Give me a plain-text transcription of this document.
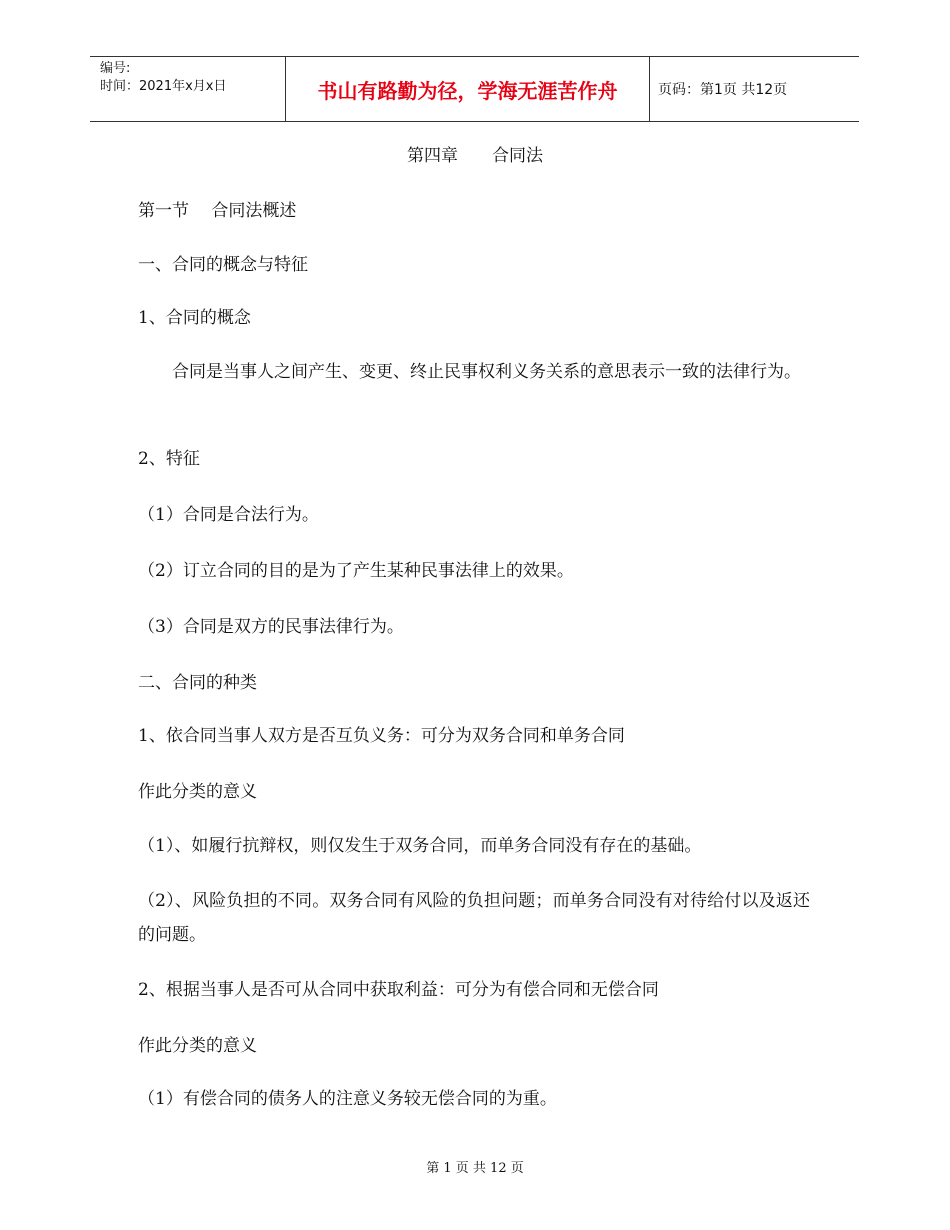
编号:
时间：2021年x月x日	书山有路勤为径，学海无涯苦作舟	页码：第1页 共12页

第四章　　合同法

第一节　 合同法概述

一、合同的概念与特征

1、合同的概念

合同是当事人之间产生、变更、终止民事权利义务关系的意思表示一致的法律行为。

2、特征

（1）合同是合法行为。

（2）订立合同的目的是为了产生某种民事法律上的效果。

（3）合同是双方的民事法律行为。

二、合同的种类

1、依合同当事人双方是否互负义务：可分为双务合同和单务合同

作此分类的意义

（1）、如履行抗辩权，则仅发生于双务合同，而单务合同没有存在的基础。

（2）、风险负担的不同。双务合同有风险的负担问题；而单务合同没有对待给付以及返还的问题。

2、根据当事人是否可从合同中获取利益：可分为有偿合同和无偿合同

作此分类的意义

（1）有偿合同的债务人的注意义务较无偿合同的为重。

第 1 页 共 12 页
